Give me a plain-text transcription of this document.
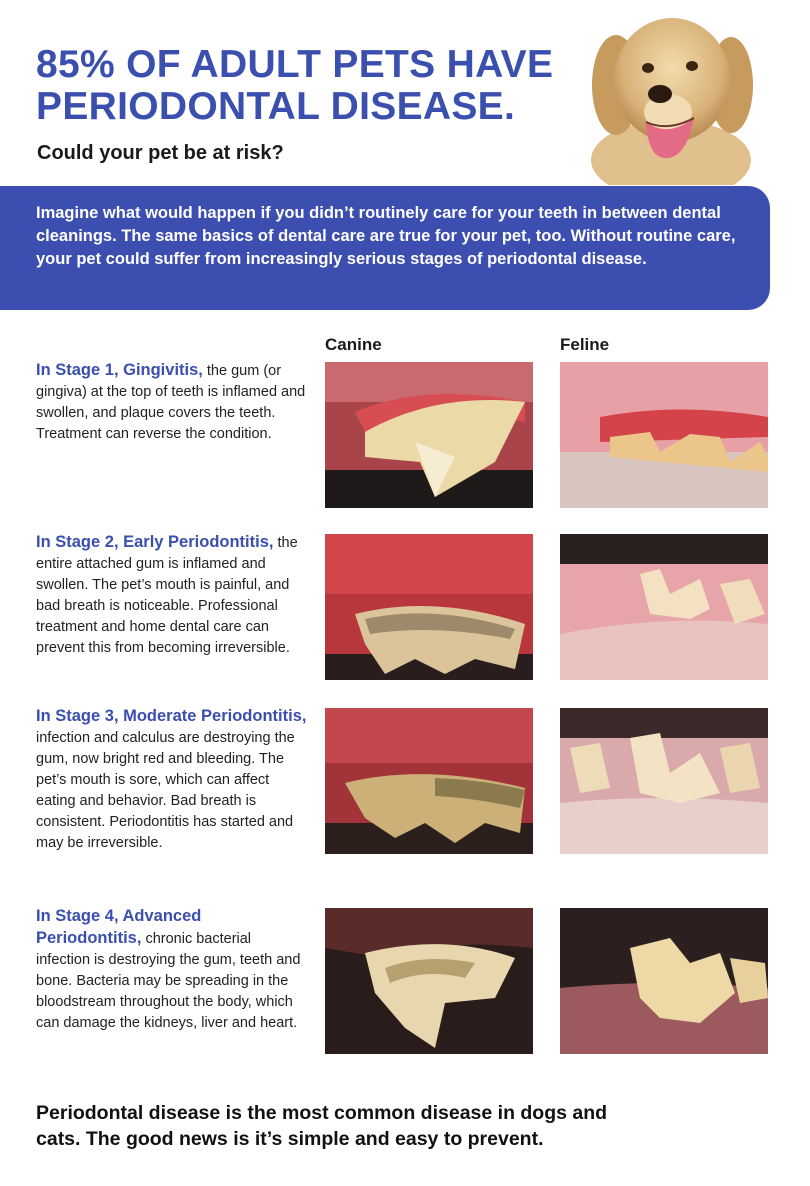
85% OF ADULT PETS HAVE
PERIODONTAL DISEASE.
Could your pet be at risk?

Imagine what would happen if you didn’t routinely care for your teeth in between dental cleanings. The same basics of dental care are true for your pet, too. Without routine care, your pet could suffer from increasingly serious stages of periodontal disease.

Canine	Feline

In Stage 1, Gingivitis, the gum (or gingiva) at the top of teeth is inflamed and swollen, and plaque covers the teeth. Treatment can reverse the condition.

In Stage 2, Early Periodontitis, the entire attached gum is inflamed and swollen. The pet’s mouth is painful, and bad breath is noticeable. Professional treatment and home dental care can prevent this from becoming irreversible.

In Stage 3, Moderate Periodontitis, infection and calculus are destroying the gum, now bright red and bleeding. The pet’s mouth is sore, which can affect eating and behavior. Bad breath is consistent. Periodontitis has started and may be irreversible.

In Stage 4, Advanced Periodontitis, chronic bacterial infection is destroying the gum, teeth and bone. Bacteria may be spreading in the bloodstream throughout the body, which can damage the kidneys, liver and heart.

Periodontal disease is the most common disease in dogs and cats. The good news is it’s simple and easy to prevent.
